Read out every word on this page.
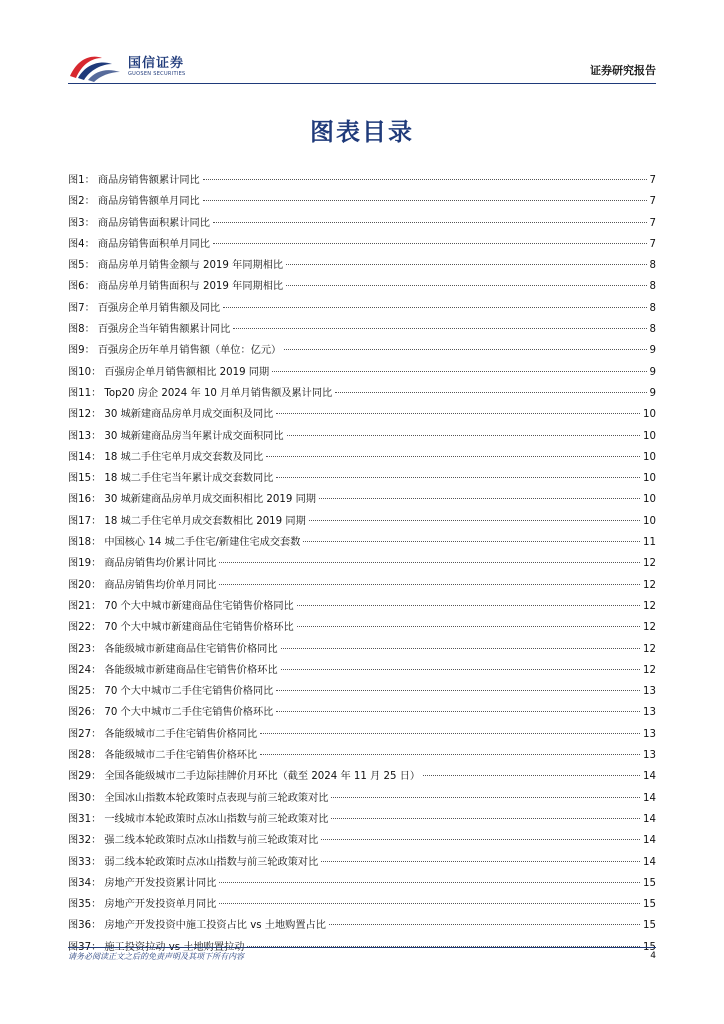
国信证券
GUOSEN SECURITIES	证券研究报告
图表目录
图1： 商品房销售额累计同比	7
图2： 商品房销售额单月同比	7
图3： 商品房销售面积累计同比	7
图4： 商品房销售面积单月同比	7
图5： 商品房单月销售金额与 2019 年同期相比	8
图6： 商品房单月销售面积与 2019 年同期相比	8
图7： 百强房企单月销售额及同比	8
图8： 百强房企当年销售额累计同比	8
图9： 百强房企历年单月销售额（单位：亿元）	9
图10： 百强房企单月销售额相比 2019 同期	9
图11： Top20 房企 2024 年 10 月单月销售额及累计同比	9
图12： 30 城新建商品房单月成交面积及同比	10
图13： 30 城新建商品房当年累计成交面积同比	10
图14： 18 城二手住宅单月成交套数及同比	10
图15： 18 城二手住宅当年累计成交套数同比	10
图16： 30 城新建商品房单月成交面积相比 2019 同期	10
图17： 18 城二手住宅单月成交套数相比 2019 同期	10
图18： 中国核心 14 城二手住宅/新建住宅成交套数	11
图19： 商品房销售均价累计同比	12
图20： 商品房销售均价单月同比	12
图21： 70 个大中城市新建商品住宅销售价格同比	12
图22： 70 个大中城市新建商品住宅销售价格环比	12
图23： 各能级城市新建商品住宅销售价格同比	12
图24： 各能级城市新建商品住宅销售价格环比	12
图25： 70 个大中城市二手住宅销售价格同比	13
图26： 70 个大中城市二手住宅销售价格环比	13
图27： 各能级城市二手住宅销售价格同比	13
图28： 各能级城市二手住宅销售价格环比	13
图29： 全国各能级城市二手边际挂牌价月环比（截至 2024 年 11 月 25 日）	14
图30： 全国冰山指数本轮政策时点表现与前三轮政策对比	14
图31： 一线城市本轮政策时点冰山指数与前三轮政策对比	14
图32： 强二线本轮政策时点冰山指数与前三轮政策对比	14
图33： 弱二线本轮政策时点冰山指数与前三轮政策对比	14
图34： 房地产开发投资累计同比	15
图35： 房地产开发投资单月同比	15
图36： 房地产开发投资中施工投资占比 vs 土地购置占比	15
图37： 施工投资拉动 vs 土地购置拉动	15
请务必阅读正文之后的免责声明及其项下所有内容	4
